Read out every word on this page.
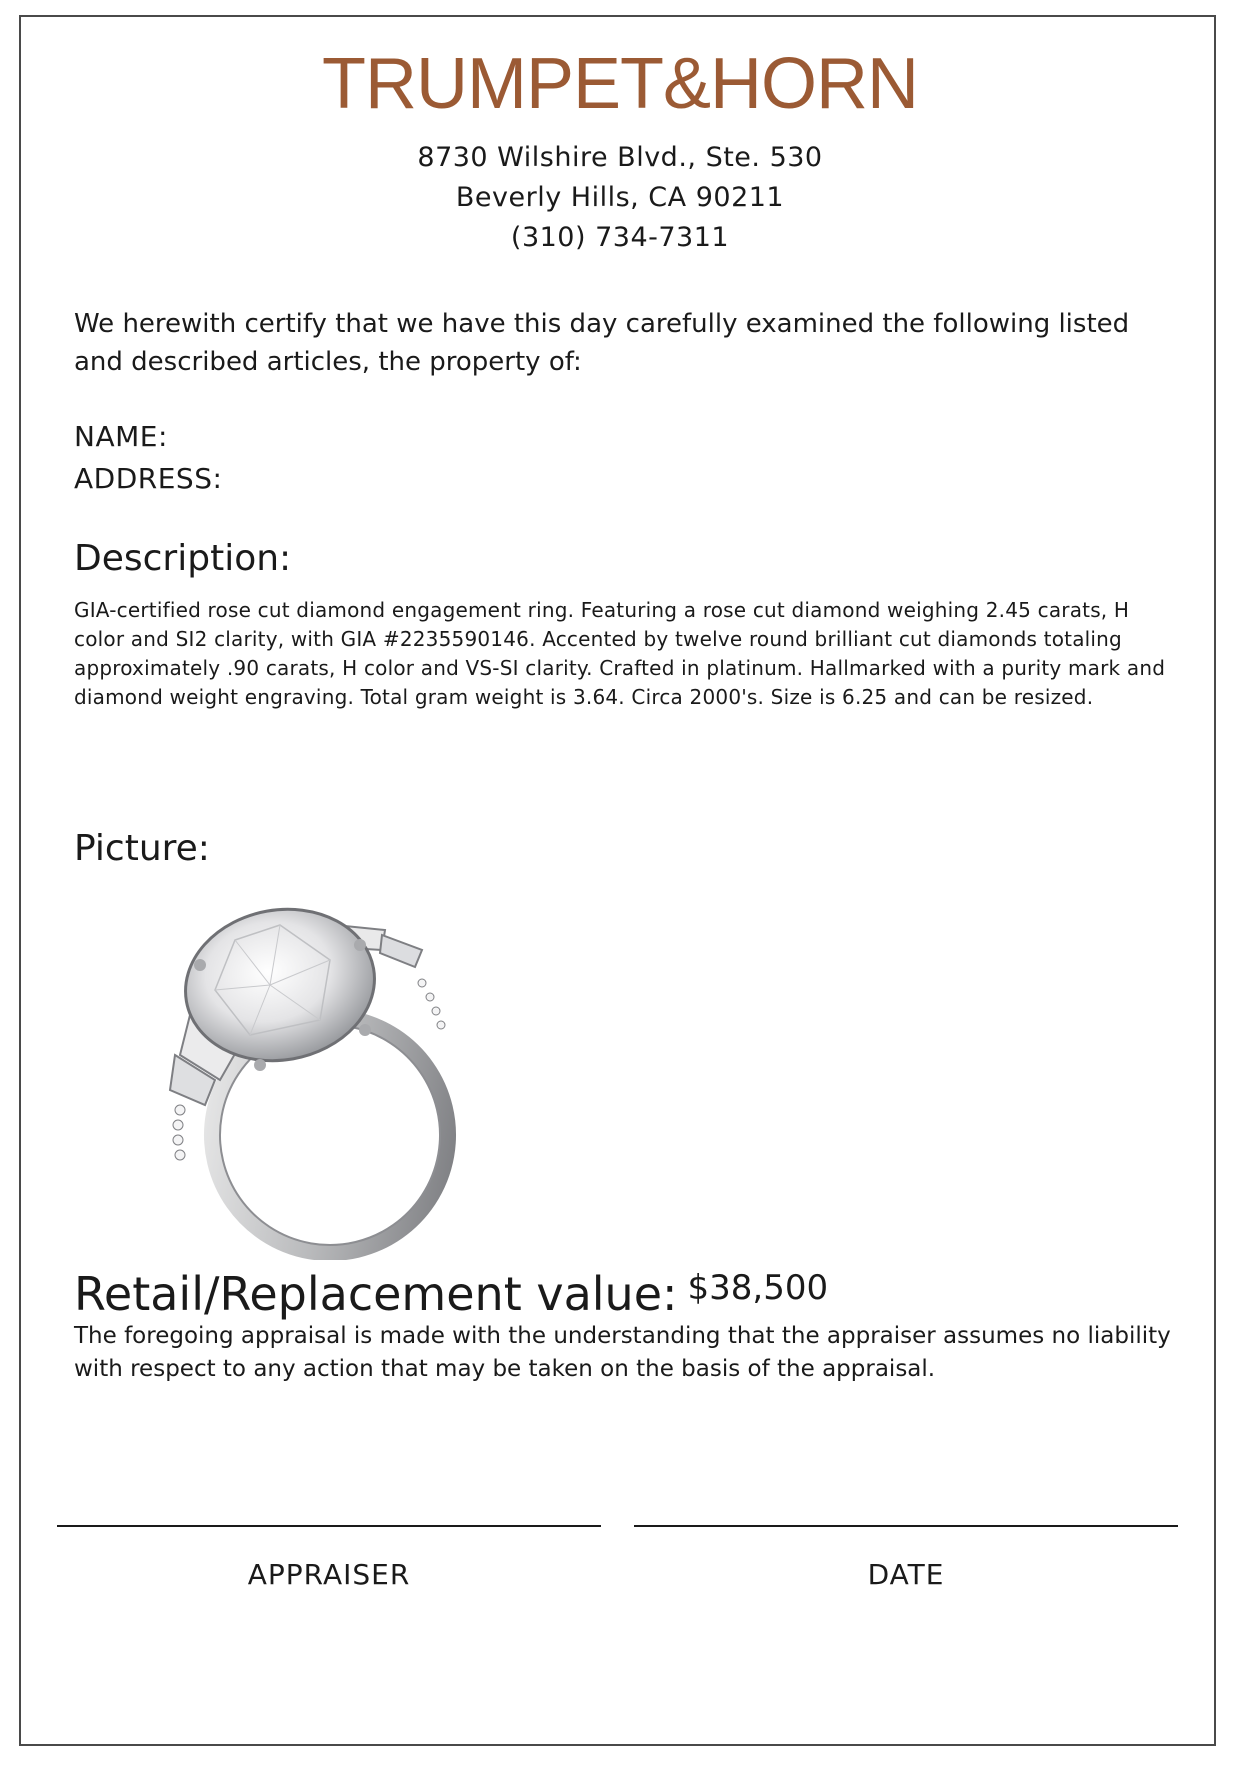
TRUMPET&HORN
8730 Wilshire Blvd., Ste. 530
Beverly Hills, CA 90211
(310) 734-7311
We herewith certify that we have this day carefully examined the following listed and described articles, the property of:
NAME:
ADDRESS:
Description:
GIA-certified rose cut diamond engagement ring. Featuring a rose cut diamond weighing 2.45 carats, H color and SI2 clarity, with GIA #2235590146. Accented by twelve round brilliant cut diamonds totaling approximately .90 carats, H color and VS-SI clarity. Crafted in platinum. Hallmarked with a purity mark and diamond weight engraving. Total gram weight is 3.64. Circa 2000's. Size is 6.25 and can be resized.
Picture:
Retail/Replacement value: $38,500
The foregoing appraisal is made with the understanding that the appraiser assumes no liability with respect to any action that may be taken on the basis of the appraisal.
APPRAISER	DATE
